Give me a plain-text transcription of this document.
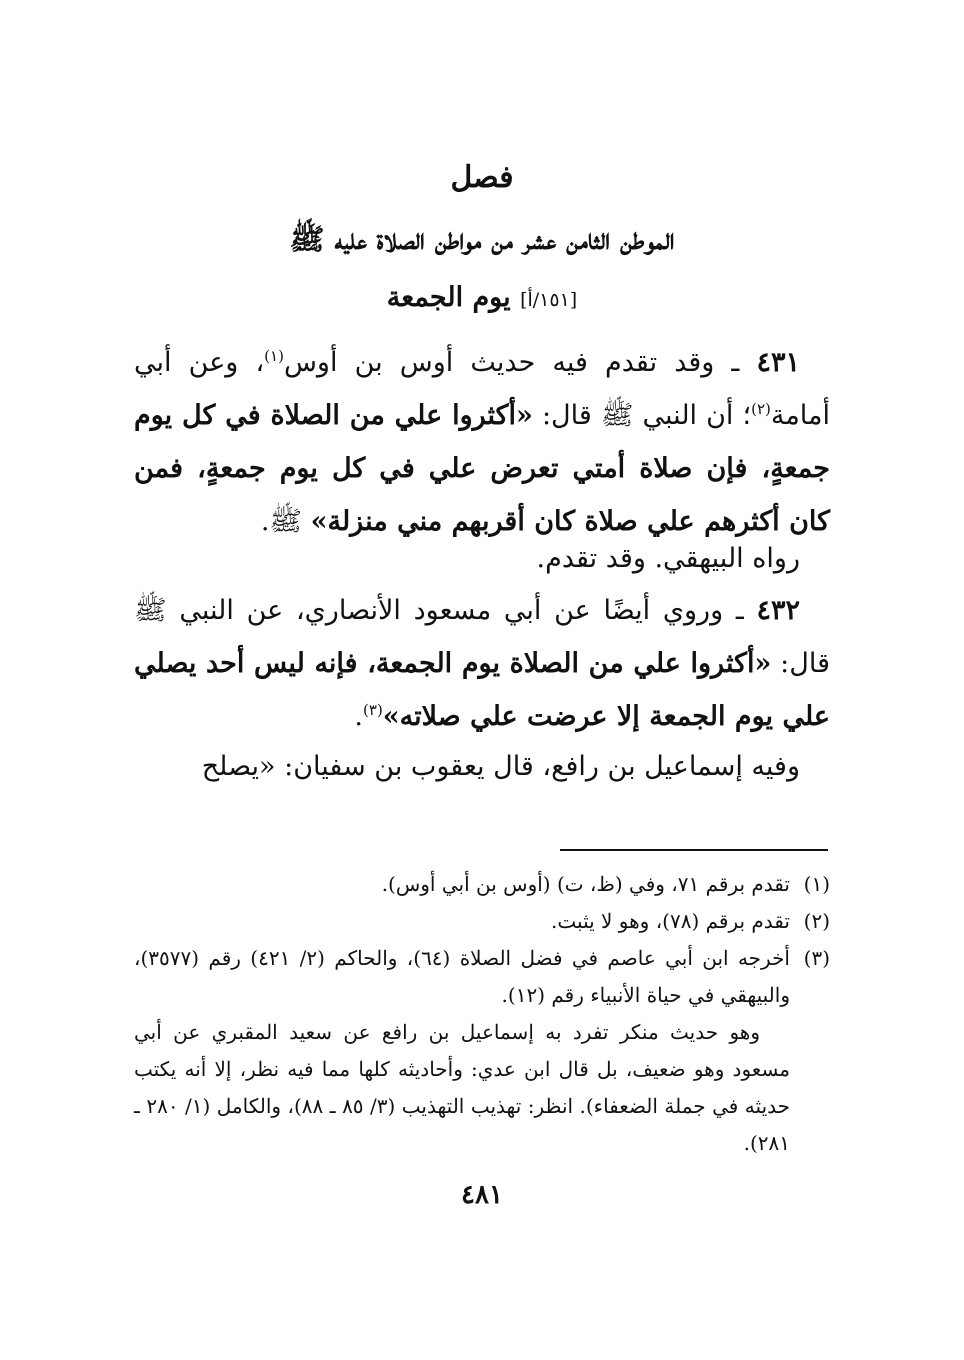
فصل
الموطن الثامن عشر من مواطن الصلاة عليه ﷺ
[١٥١/أ] يوم الجمعة
٤٣١ ـ وقد تقدم فيه حديث أوس بن أوس$^{(١)}$، وعن أبي أمامة$^{(٢)}$؛ أن النبي ﷺ قال: «أكثروا علي من الصلاة في كل يوم جمعةٍ، فإن صلاة أمتي تعرض علي في كل يوم جمعةٍ، فمن كان أكثرهم علي صلاة كان أقربهم مني منزلة» ﷺ.
رواه البيهقي. وقد تقدم.
٤٣٢ ـ وروي أيضًا عن أبي مسعود الأنصاري، عن النبي ﷺ قال: «أكثروا علي من الصلاة يوم الجمعة، فإنه ليس أحد يصلي علي يوم الجمعة إلا عرضت علي صلاته»$^{(٣)}$.
وفيه إسماعيل بن رافع، قال يعقوب بن سفيان: «يصلح
(١)
تقدم برقم ٧١، وفي (ظ، ت) (أوس بن أبي أوس).
(٢)
تقدم برقم (٧٨)، وهو لا يثبت.
(٣)
أخرجه ابن أبي عاصم في فضل الصلاة (٦٤)، والحاكم (٢/ ٤٢١) رقم (٣٥٧٧)، والبيهقي في حياة الأنبياء رقم (١٢).
وهو حديث منكر تفرد به إسماعيل بن رافع عن سعيد المقبري عن أبي مسعود وهو ضعيف، بل قال ابن عدي: وأحاديثه كلها مما فيه نظر، إلا أنه يكتب حديثه في جملة الضعفاء). انظر: تهذيب التهذيب (٣/ ٨٥ ـ ٨٨)، والكامل (١/ ٢٨٠ ـ ٢٨١).
٤٨١
